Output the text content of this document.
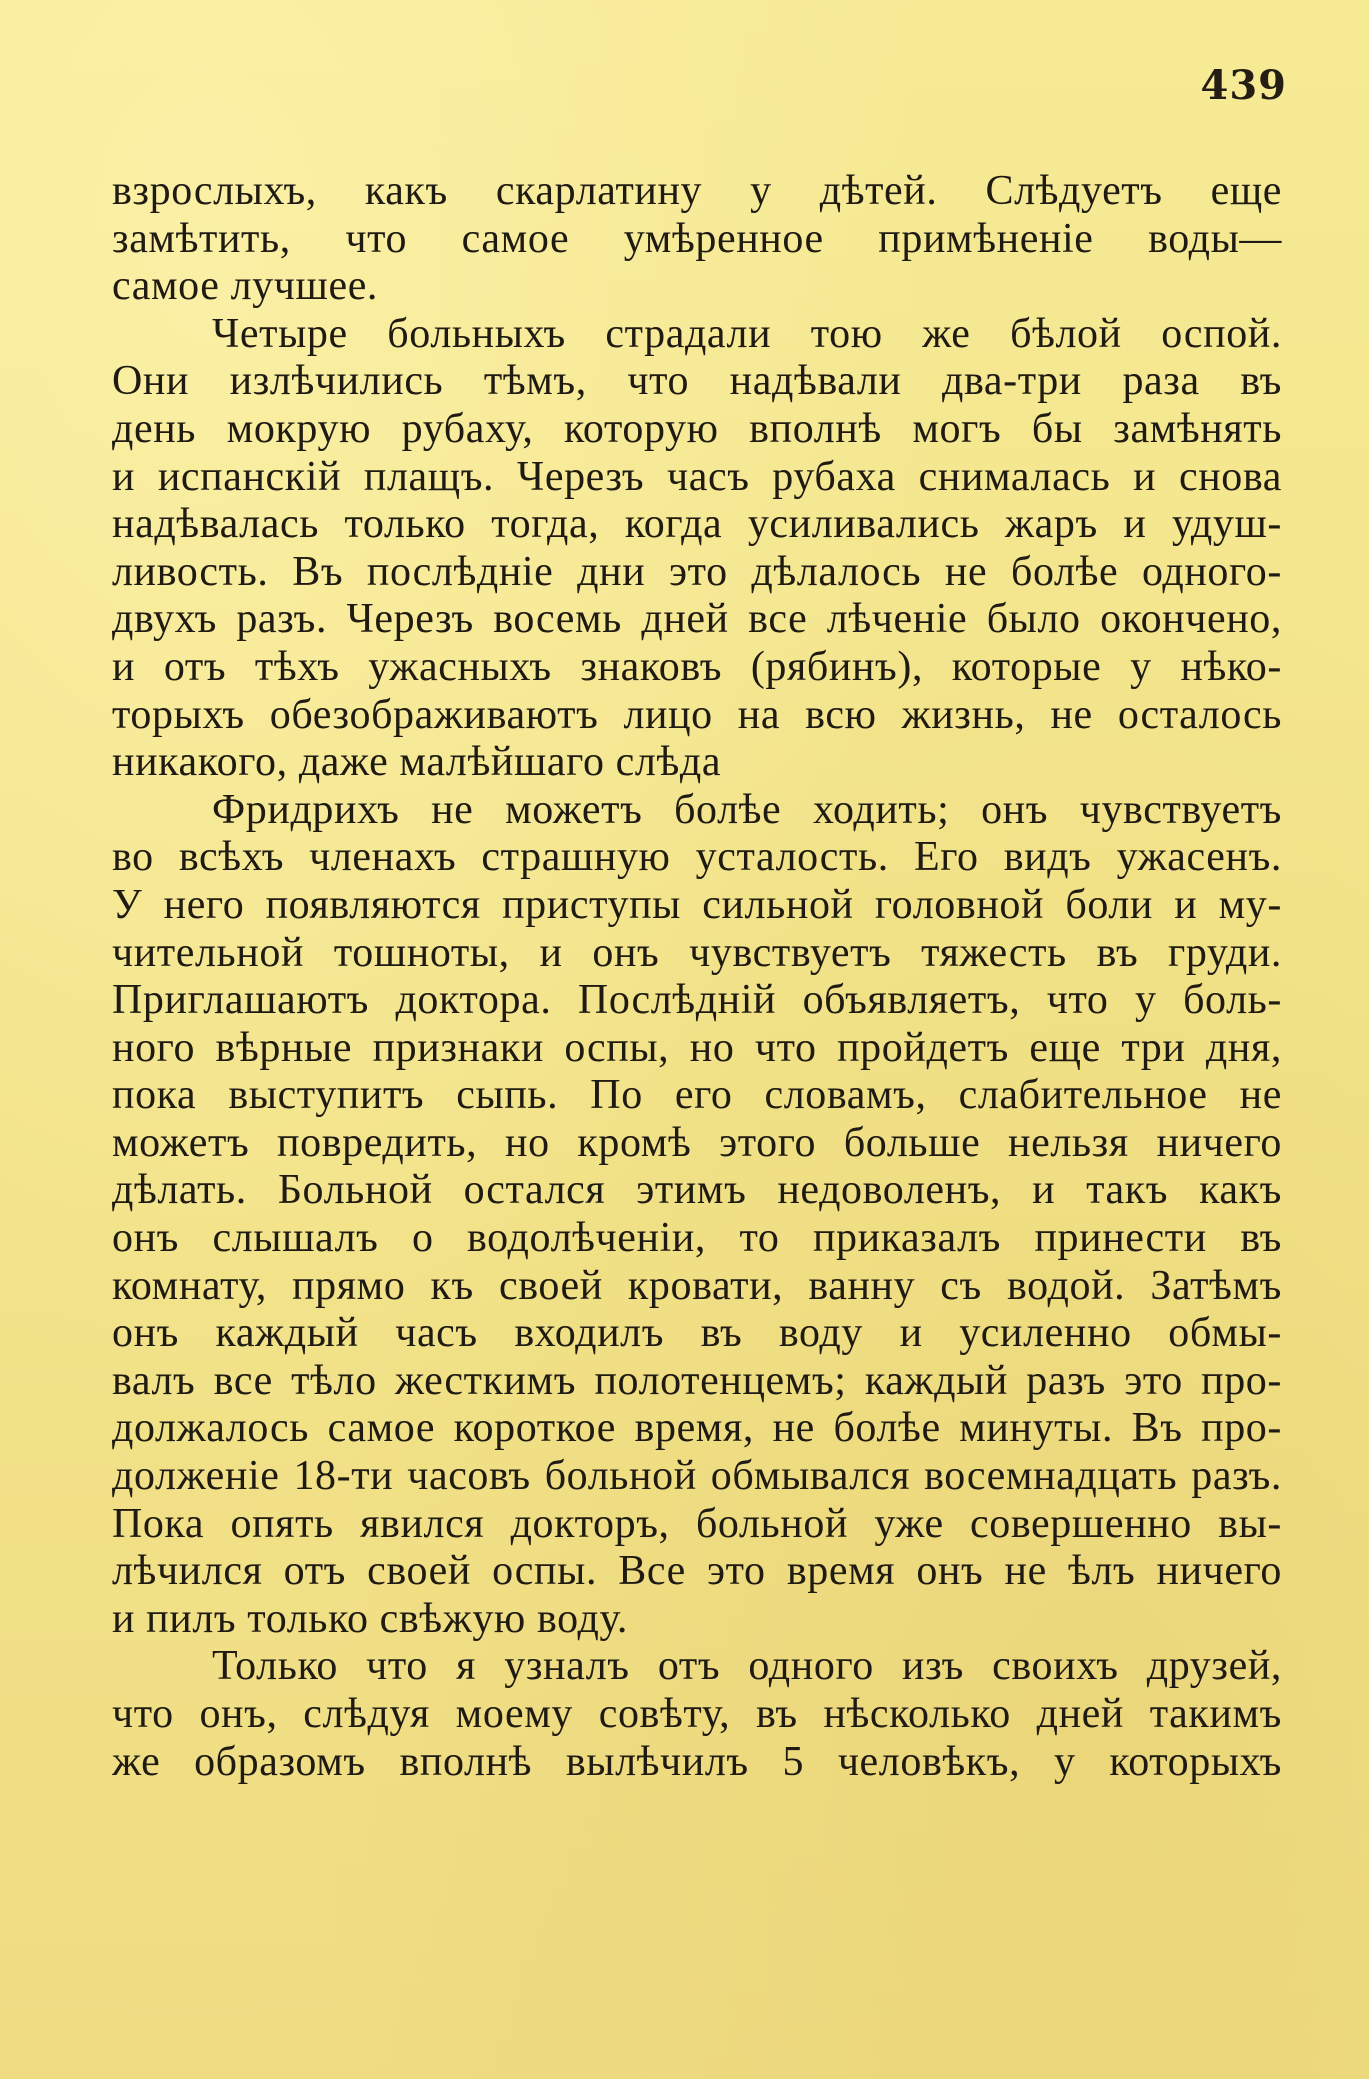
439
взрослыхъ, какъ скарлатину у дѣтей. Слѣдуетъ еще
замѣтить, что самое умѣренное примѣненіе воды—
самое лучшее.
Четыре больныхъ страдали тою же бѣлой оспой.
Они излѣчились тѣмъ, что надѣвали два-три раза въ
день мокрую рубаху, которую вполнѣ могъ бы замѣнять
и испанскій плащъ. Черезъ часъ рубаха снималась и снова
надѣвалась только тогда, когда усиливались жаръ и удуш-
ливость. Въ послѣдніе дни это дѣлалось не болѣе одного-
двухъ разъ. Черезъ восемь дней все лѣченіе было окончено,
и отъ тѣхъ ужасныхъ знаковъ (рябинъ), которые у нѣко-
торыхъ обезображиваютъ лицо на всю жизнь, не осталось
никакого, даже малѣйшаго слѣда
Фридрихъ не можетъ болѣе ходить; онъ чувствуетъ
во всѣхъ членахъ страшную усталость. Его видъ ужасенъ.
У него появляются приступы сильной головной боли и му-
чительной тошноты, и онъ чувствуетъ тяжесть въ груди.
Приглашаютъ доктора. Послѣдній объявляетъ, что у боль-
ного вѣрные признаки оспы, но что пройдетъ еще три дня,
пока выступитъ сыпь. По его словамъ, слабительное не
можетъ повредить, но кромѣ этого больше нельзя ничего
дѣлать. Больной остался этимъ недоволенъ, и такъ какъ
онъ слышалъ о водолѣченіи, то приказалъ принести въ
комнату, прямо къ своей кровати, ванну съ водой. Затѣмъ
онъ каждый часъ входилъ въ воду и усиленно обмы-
валъ все тѣло жесткимъ полотенцемъ; каждый разъ это про-
должалось самое короткое время, не болѣе минуты. Въ про-
долженіе 18-ти часовъ больной обмывался восемнадцать разъ.
Пока опять явился докторъ, больной уже совершенно вы-
лѣчился отъ своей оспы. Все это время онъ не ѣлъ ничего
и пилъ только свѣжую воду.
Только что я узналъ отъ одного изъ своихъ друзей,
что онъ, слѣдуя моему совѣту, въ нѣсколько дней такимъ
же образомъ вполнѣ вылѣчилъ 5 человѣкъ, у которыхъ
